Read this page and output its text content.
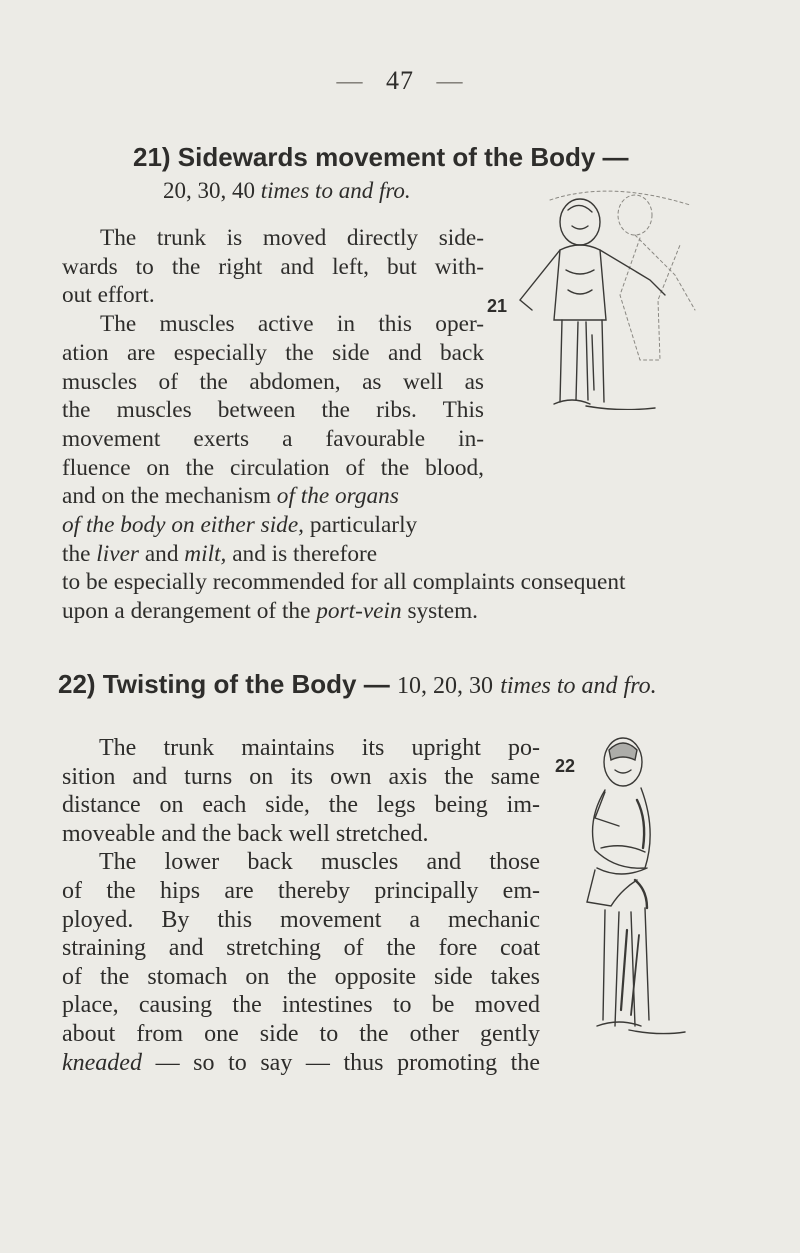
— 47 —
21) Sidewards movement of the Body —
20, 30, 40 times to and fro.
The trunk is moved directly side-
wards to the right and left, but with-
out effort.
The muscles active in this oper-
ation are especially the side and back
muscles of the abdomen, as well as
the muscles between the ribs. This
movement exerts a favourable in-
fluence on the circulation of the blood,
and on the mechanism of the organs
of the body on either side, particularly
the liver and milt, and is therefore
to be especially recommended for all complaints consequent
upon a derangement of the port-vein system.
21
22) Twisting of the Body — 10, 20, 30 times to and fro.
The trunk maintains its upright po-
sition and turns on its own axis the same
distance on each side, the legs being im-
moveable and the back well stretched.
The lower back muscles and those
of the hips are thereby principally em-
ployed. By this movement a mechanic
straining and stretching of the fore coat
of the stomach on the opposite side takes
place, causing the intestines to be moved
about from one side to the other gently
kneaded — so to say — thus promoting the
22
